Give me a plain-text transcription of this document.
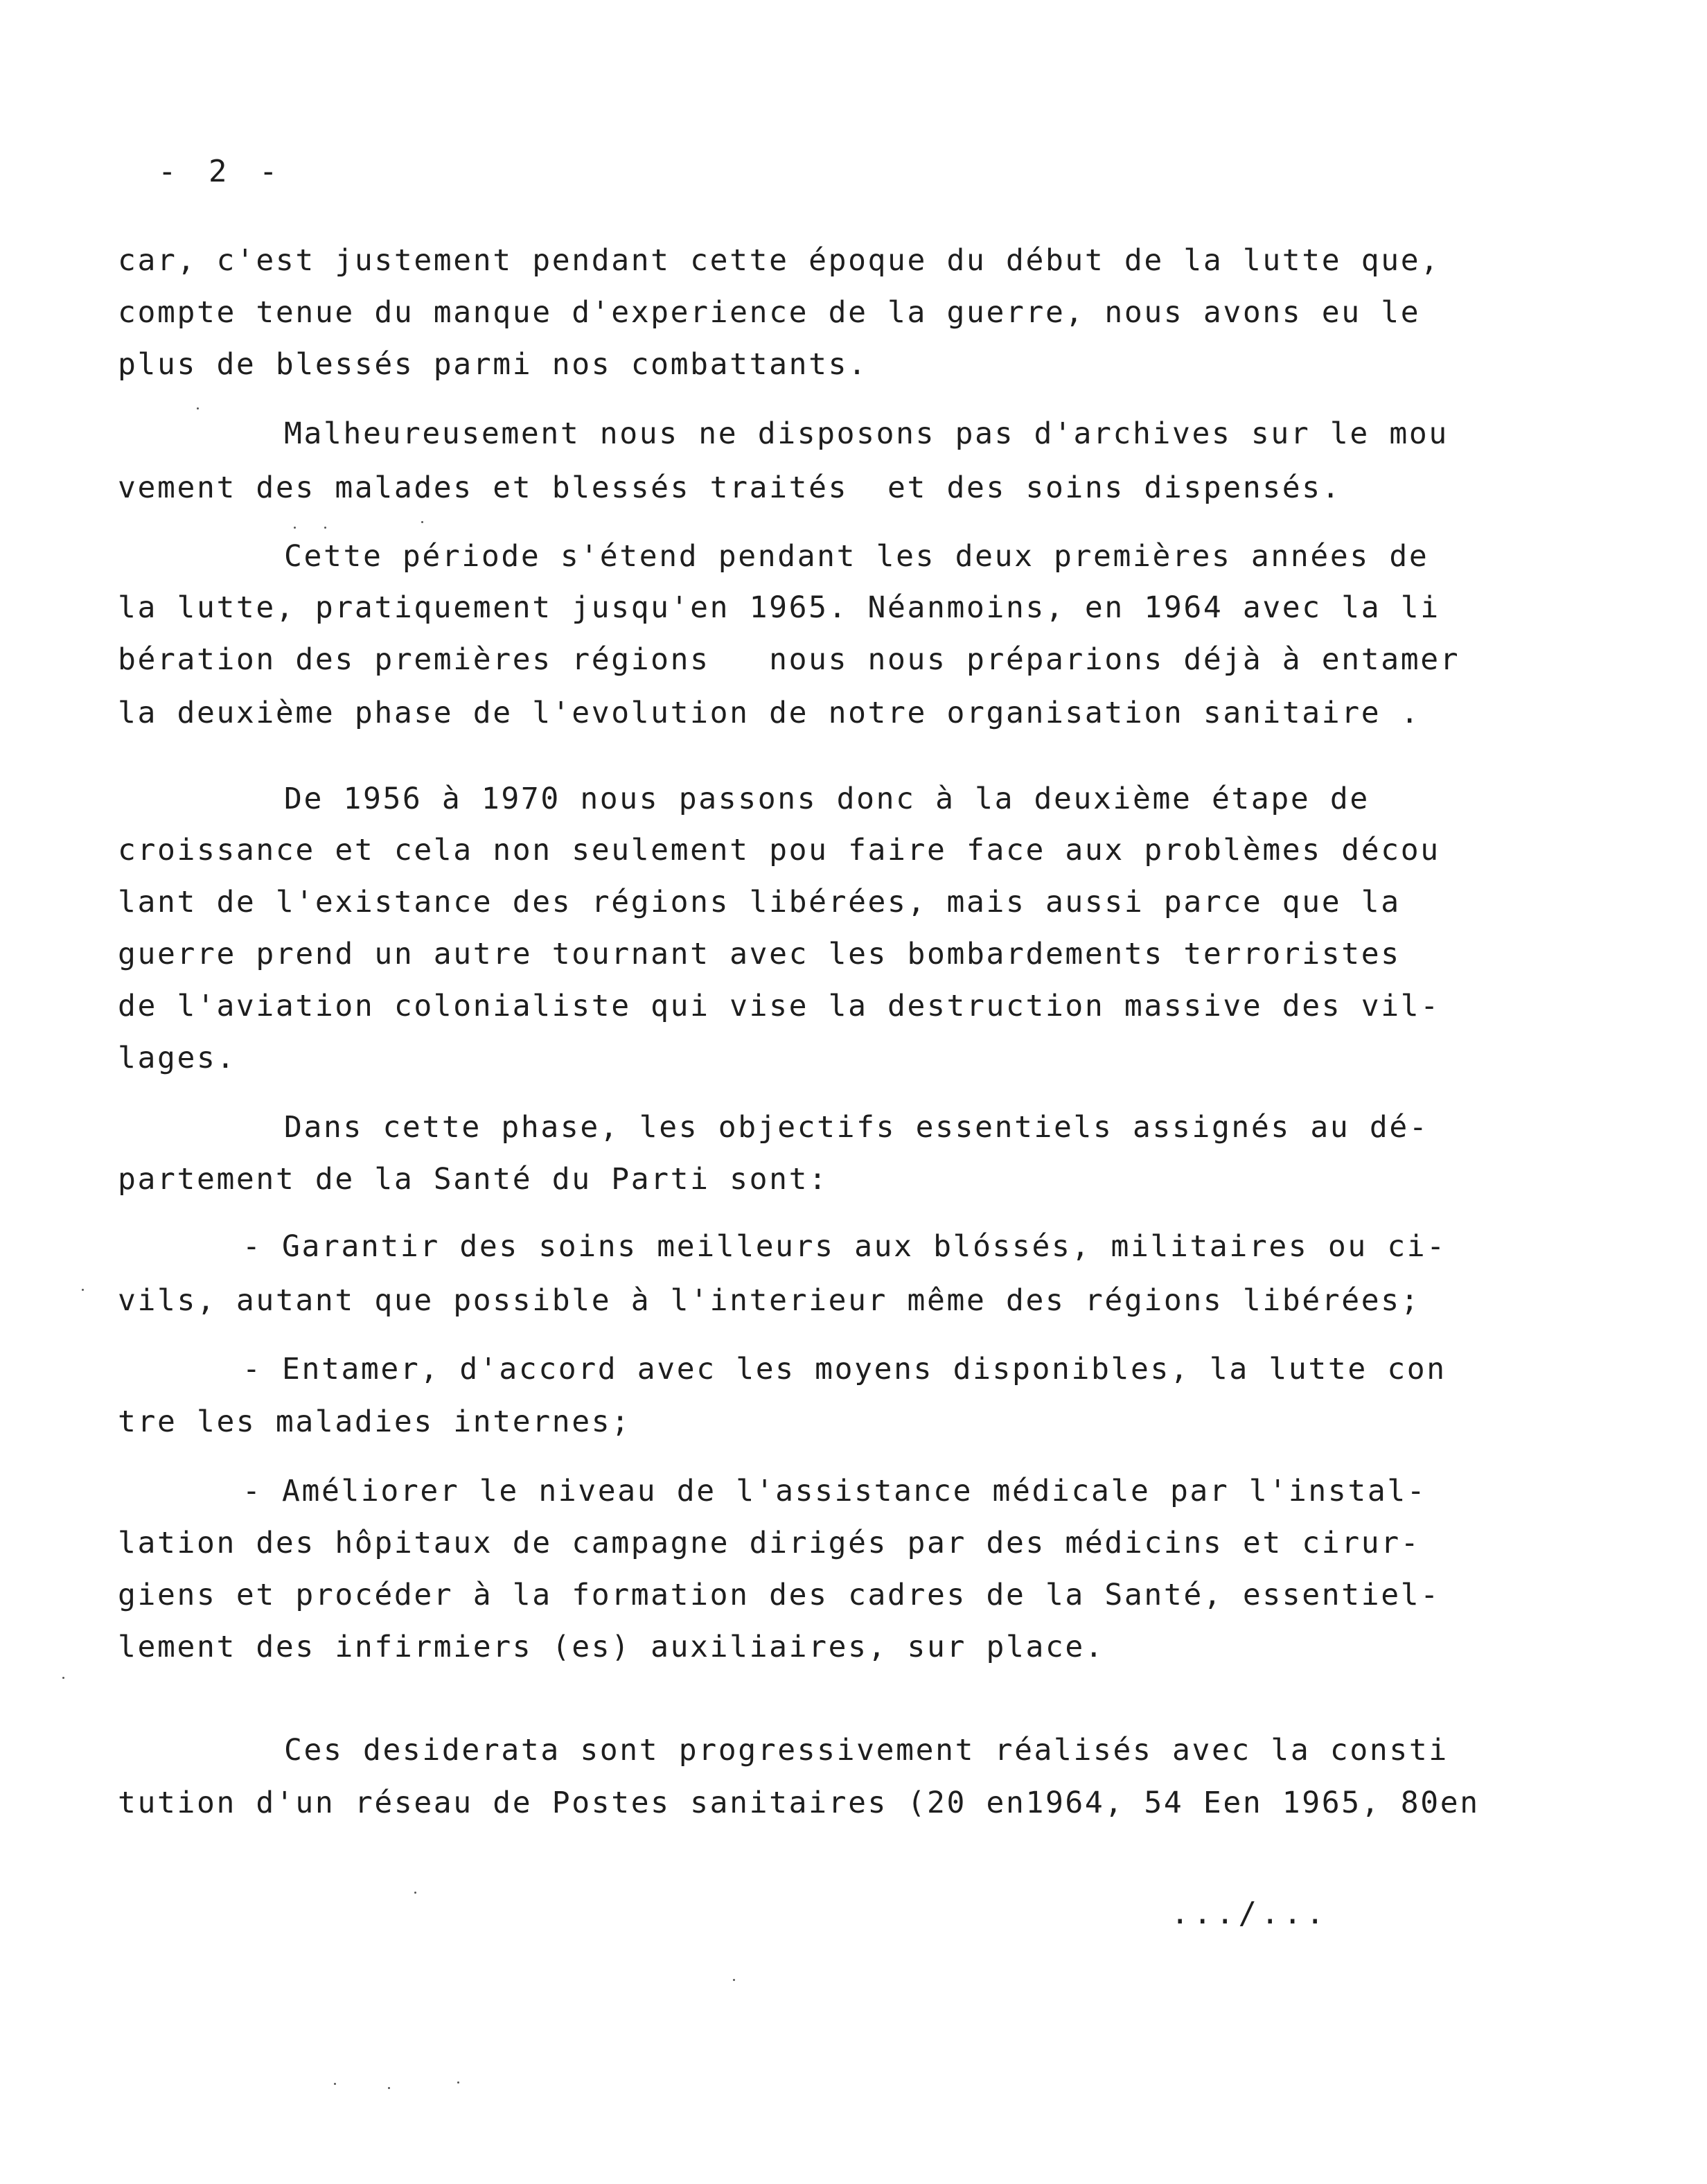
- 2 -
car, c'est justement pendant cette époque du début de la lutte que,
compte tenue du manque d'experience de la guerre, nous avons eu le
plus de blessés parmi nos combattants.
Malheureusement nous ne disposons pas d'archives sur le mou
vement des malades et blessés traités  et des soins dispensés.
Cette période s'étend pendant les deux premières années de
la lutte, pratiquement jusqu'en 1965. Néanmoins, en 1964 avec la li
bération des premières régions   nous nous préparions déjà à entamer
la deuxième phase de l'evolution de notre organisation sanitaire .
De 1956 à 1970 nous passons donc à la deuxième étape de
croissance et cela non seulement pou faire face aux problèmes décou
lant de l'existance des régions libérées, mais aussi parce que la
guerre prend un autre tournant avec les bombardements terroristes
de l'aviation colonialiste qui vise la destruction massive des vil-
lages.
Dans cette phase, les objectifs essentiels assignés au dé-
partement de la Santé du Parti sont:
- Garantir des soins meilleurs aux blóssés, militaires ou ci-
vils, autant que possible à l'interieur même des régions libérées;
- Entamer, d'accord avec les moyens disponibles, la lutte con
tre les maladies internes;
- Améliorer le niveau de l'assistance médicale par l'instal-
lation des hôpitaux de campagne dirigés par des médicins et cirur-
giens et procéder à la formation des cadres de la Santé, essentiel-
lement des infirmiers (es) auxiliaires, sur place.
Ces desiderata sont progressivement réalisés avec la consti
tution d'un réseau de Postes sanitaires (20 en1964, 54 Een 1965, 80en
.../...
